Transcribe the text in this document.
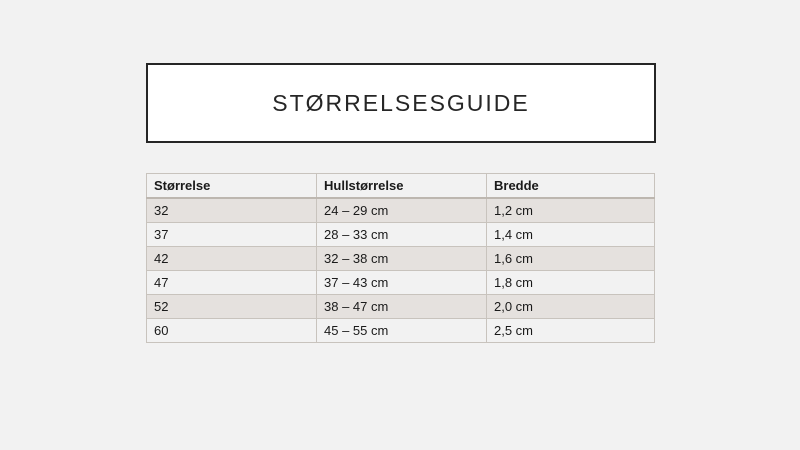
STØRRELSESGUIDE
Størrelse	Hullstørrelse	Bredde
32	24 – 29 cm	1,2 cm
37	28 – 33 cm	1,4 cm
42	32 – 38 cm	1,6 cm
47	37 – 43 cm	1,8 cm
52	38 – 47 cm	2,0 cm
60	45 – 55 cm	2,5 cm
